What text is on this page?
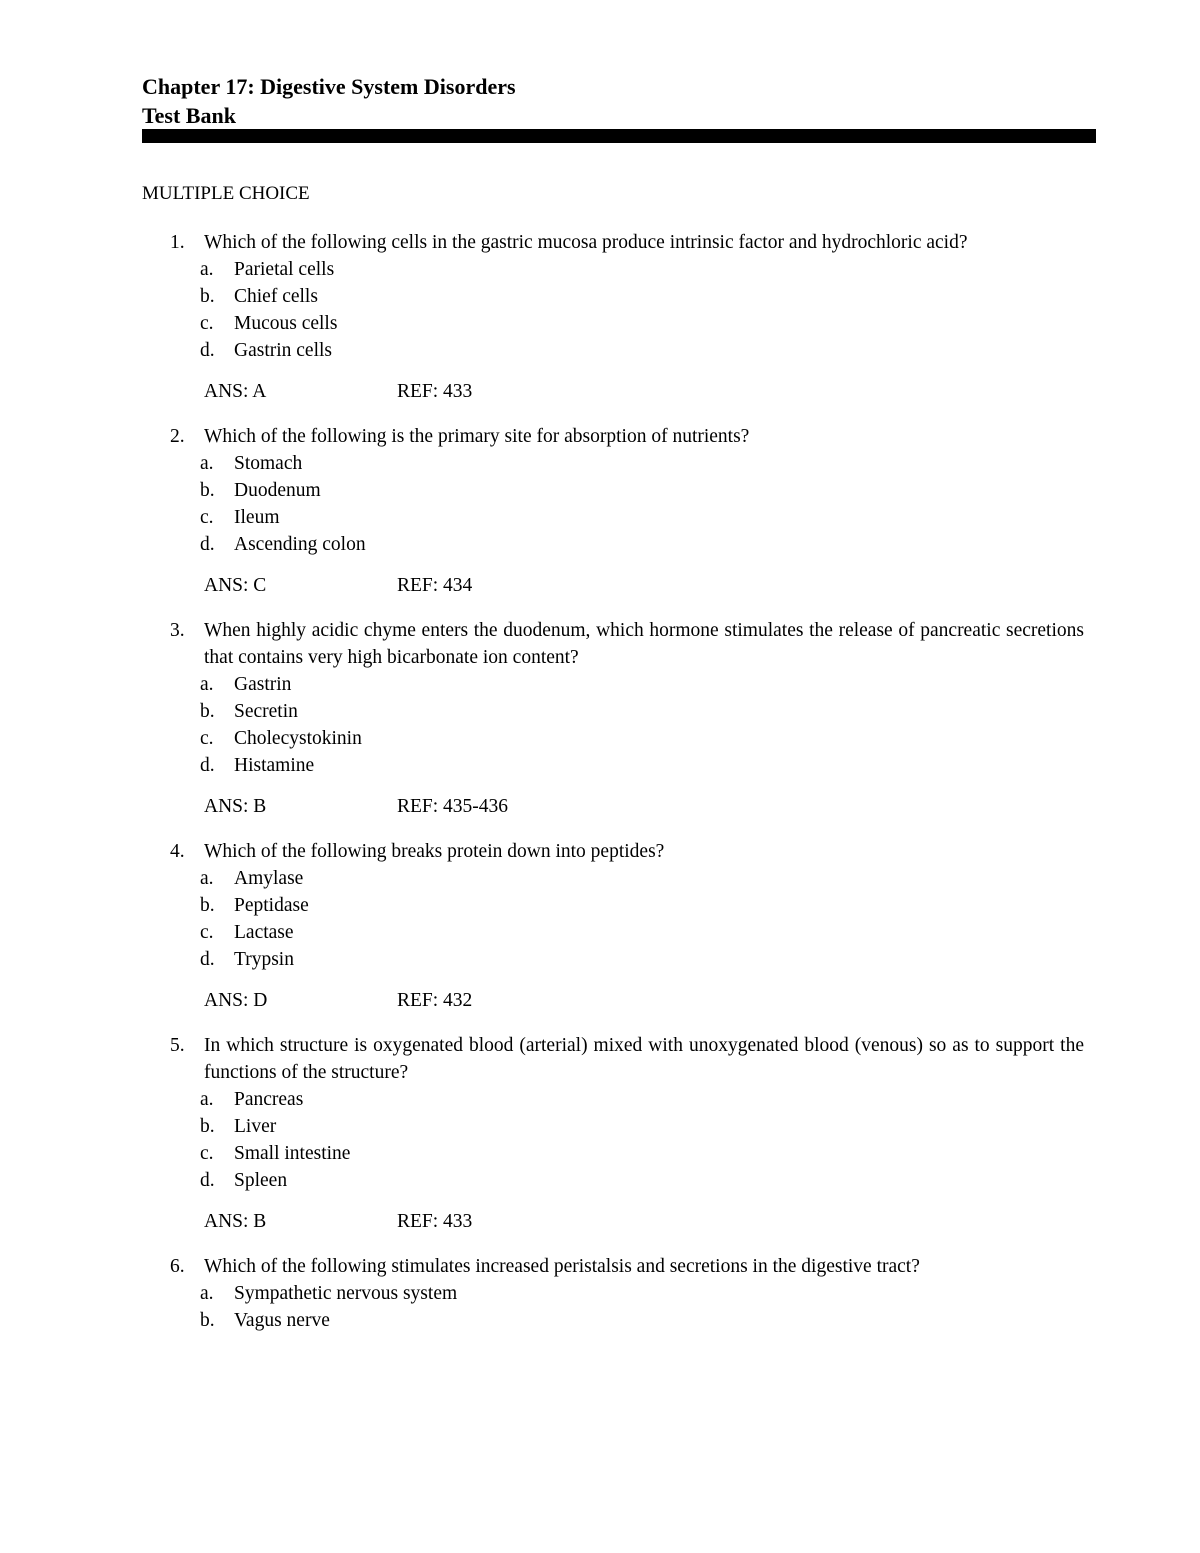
Chapter 17: Digestive System Disorders
Test Bank
MULTIPLE CHOICE
1. Which of the following cells in the gastric mucosa produce intrinsic factor and hydrochloric acid?
a.	Parietal cells
b. Chief cells
c.	Mucous cells
d. Gastrin cells
ANS: A	REF: 433
2. Which of the following is the primary site for absorption of nutrients?
a.	Stomach
b. Duodenum
c.	Ileum
d. Ascending colon
ANS: C	REF: 434
3. When highly acidic chyme enters the duodenum, which hormone stimulates the release of pancreatic secretions that contains very high bicarbonate ion content?
a.	Gastrin
b. Secretin
c.	Cholecystokinin
d. Histamine
ANS: B	REF: 435-436
4. Which of the following breaks protein down into peptides?
a.	Amylase
b. Peptidase
c.	Lactase
d. Trypsin
ANS: D	REF: 432
5. In which structure is oxygenated blood (arterial) mixed with unoxygenated blood (venous) so as to support the functions of the structure?
a.	Pancreas
b. Liver
c.	Small intestine
d. Spleen
ANS: B	REF: 433
6. Which of the following stimulates increased peristalsis and secretions in the digestive tract?
a.	Sympathetic nervous system
b. Vagus nerve
